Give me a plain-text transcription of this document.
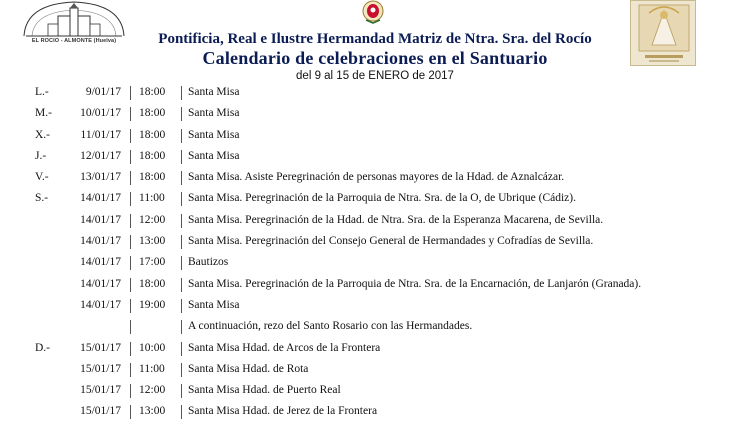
EL ROCIO - ALMONTE (Huelva)	Pontificia, Real e Ilustre Hermandad Matriz de Ntra. Sra. del Rocío
Calendario de celebraciones en el Santuario
del 9 al 15 de ENERO de 2017
L.-	9/01/17 18:00 Santa Misa
M.- 10/01/17 18:00 Santa Misa
X.-	11/01/17 18:00 Santa Misa
J.-	12/01/17 18:00 Santa Misa
V.-	13/01/17 18:00 Santa Misa. Asiste Peregrinación de personas mayores de la Hdad. de Aznalcázar.
S.-	14/01/17 11:00 Santa Misa. Peregrinación de la Parroquia de Ntra. Sra. de la O, de Ubrique (Cádiz).
14/01/17 12:00 Santa Misa. Peregrinación de la Hdad. de Ntra. Sra. de la Esperanza Macarena, de Sevilla.
14/01/17 13:00 Santa Misa. Peregrinación del Consejo General de Hermandades y Cofradías de Sevilla.
14/01/17 17:00 Bautizos
14/01/17 18:00 Santa Misa. Peregrinación de la Parroquia de Ntra. Sra. de la Encarnación, de Lanjarón (Granada).
14/01/17 19:00 Santa Misa
A continuación, rezo del Santo Rosario con las Hermandades.
D.-	15/01/17 10:00 Santa Misa Hdad. de Arcos de la Frontera
15/01/17 11:00 Santa Misa Hdad. de Rota
15/01/17 12:00 Santa Misa Hdad. de Puerto Real
15/01/17 13:00 Santa Misa Hdad. de Jerez de la Frontera
